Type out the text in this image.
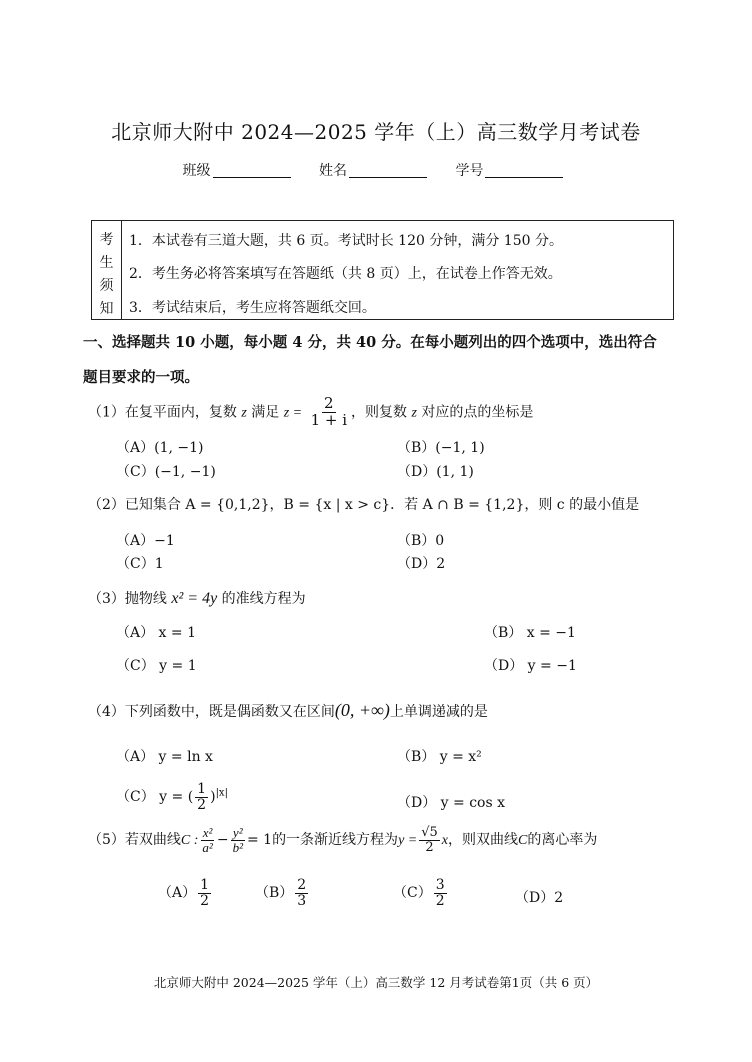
北京师大附中 2024—2025 学年（上）高三数学月考试卷
班级	姓名	学号
考
生
须
知
1．本试卷有三道大题，共 6 页。考试时长 120 分钟，满分 150 分。
2．考生务必将答案填写在答题纸（共 8 页）上，在试卷上作答无效。
3．考试结束后，考生应将答题纸交回。
一、选择题共 10 小题，每小题 4 分，共 40 分。在每小题列出的四个选项中，选出符合
题目要求的一项。
（1）在复平面内，复数 z 满足 $z = \frac{2}{1 + i}$ ，则复数 z 对应的点的坐标是
（A）(1, −1)	（B）(−1, 1)
（C）(−1, −1)	（D）(1, 1)
（2）已知集合 A = {0,1,2}，B = {x | x > c}．若 A ∩ B = {1,2}，则 c 的最小值是
（A）−1	（B）0
（C）1	（D）2
（3）抛物线 x² = 4y 的准线方程为
（A） x = 1	（B） x = −1
（C） y = 1	（D） y = −1
（4）下列函数中，既是偶函数又在区间(0, +∞)上单调递减的是
（A） y = ln x	（B） y = x²
（C） y = ( $\frac{1}{2} )^{|x|}$
（D） y = cos x
（5）若双曲线C : $\frac{\text{x²}}{\text{a²}} - \frac{\text{y²}}{\text{b²}} = 1$的一条渐近线方程为$y = \frac{√5}{2}$ x，则双曲线C的离心率为
$(A) \frac{1}{2}$	$(B) \frac{2}{3}$	$(C) \frac{3}{2}$	（D）2
北京师大附中 2024—2025 学年（上）高三数学 12 月考试卷第1页（共 6 页）
